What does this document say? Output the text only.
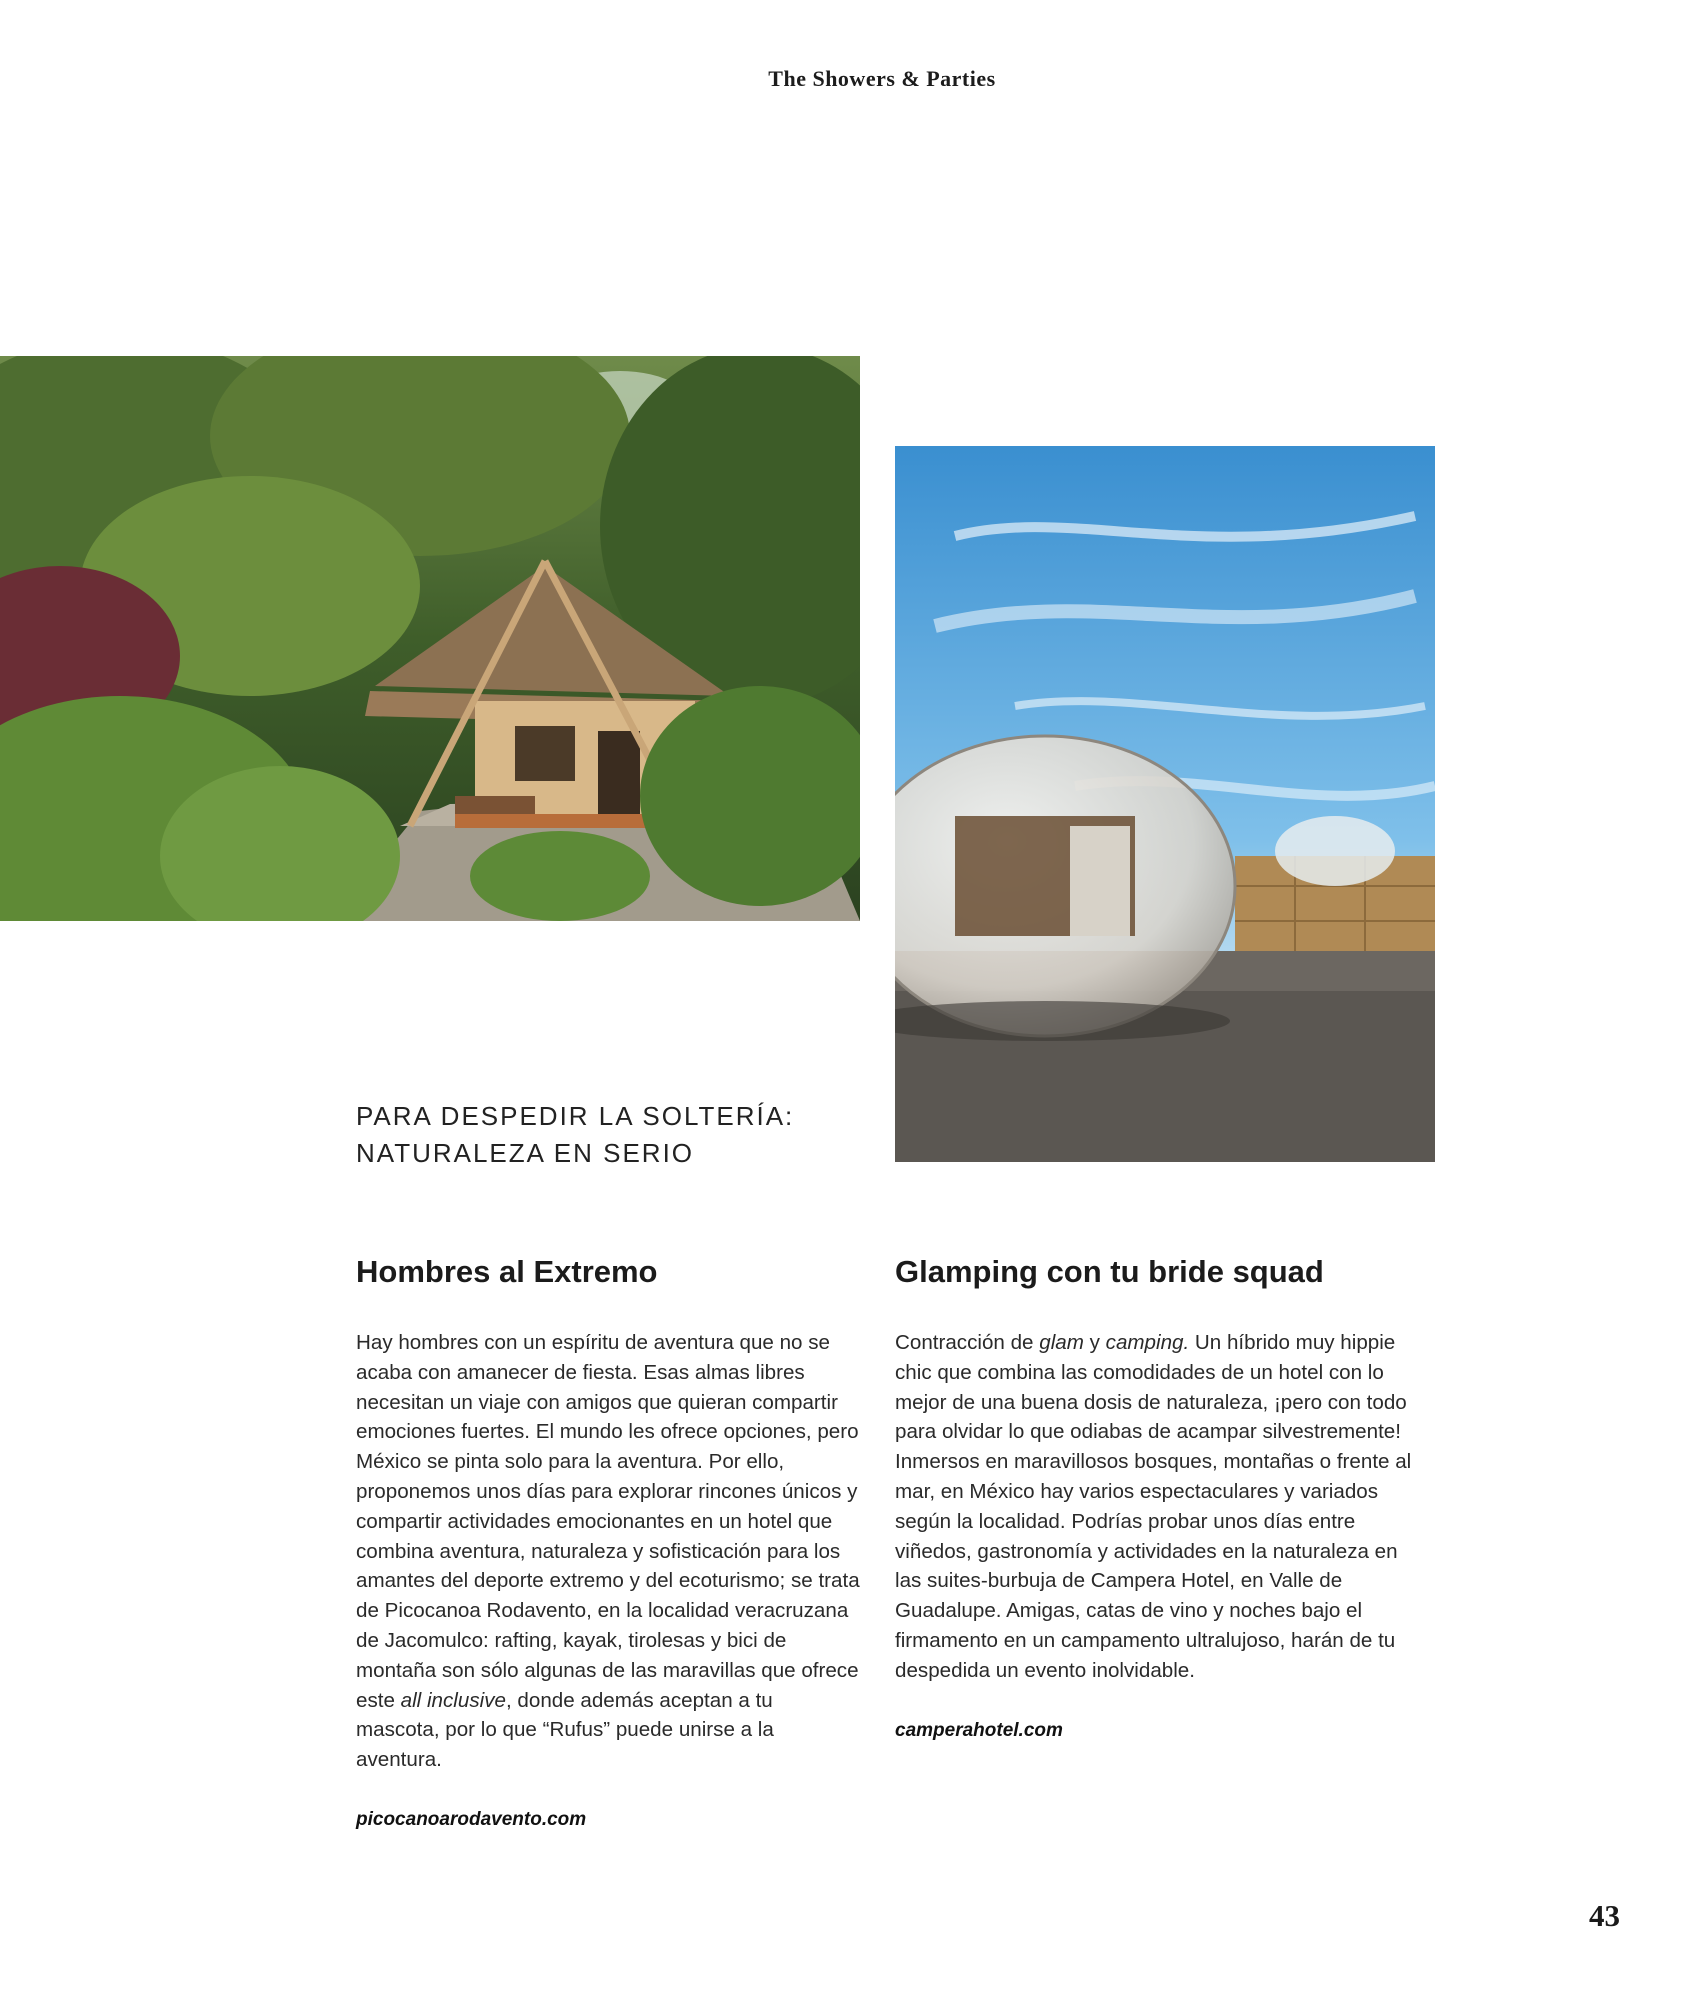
The Showers & Parties
PARA DESPEDIR LA SOLTERÍA:
NATURALEZA EN SERIO
Hombres al Extremo

Hay hombres con un espíritu de aventura que no se acaba con amanecer de fiesta. Esas almas libres necesitan un viaje con amigos que quieran compartir emociones fuertes. El mundo les ofrece opciones, pero México se pinta solo para la aventura. Por ello, proponemos unos días para explorar rincones únicos y compartir actividades emocionantes en un hotel que combina aventura, naturaleza y sofisticación para los amantes del deporte extremo y del ecoturismo; se trata de Picocanoa Rodavento, en la localidad veracruzana de Jacomulco: rafting, kayak, tirolesas y bici de montaña son sólo algunas de las maravillas que ofrece este all inclusive, donde además aceptan a tu mascota, por lo que “Rufus” puede unirse a la aventura.

picocanoarodavento.com

Glamping con tu bride squad

Contracción de glam y camping. Un híbrido muy hippie chic que combina las comodidades de un hotel con lo mejor de una buena dosis de naturaleza, ¡pero con todo para olvidar lo que odiabas de acampar silvestremente! Inmersos en maravillosos bosques, montañas o frente al mar, en México hay varios espectaculares y variados según la localidad. Podrías probar unos días entre viñedos, gastronomía y actividades en la naturaleza en las suites-burbuja de Campera Hotel, en Valle de Guadalupe. Amigas, catas de vino y noches bajo el firmamento en un campamento ultralujoso, harán de tu despedida un evento inolvidable.

camperahotel.com

43
